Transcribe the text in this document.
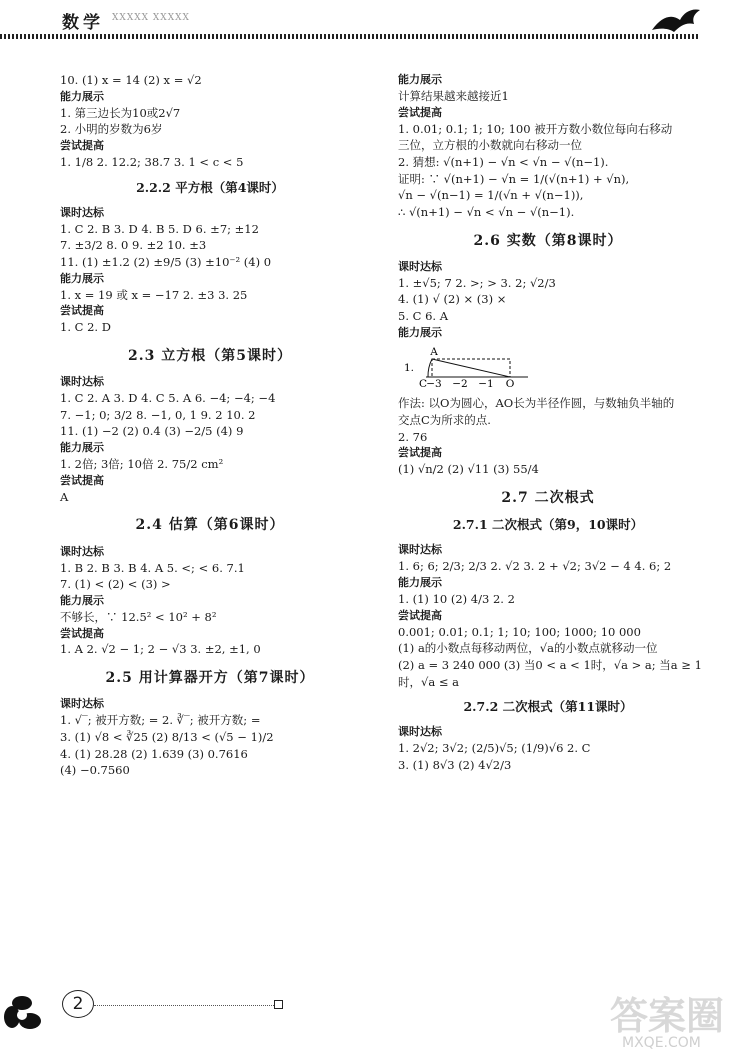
数学 XXXXX XXXXX
10. (1) x = 14 (2) x = √2
能力展示
1. 第三边长为10或2√7
2. 小明的岁数为6岁
尝试提高
1. 1/8 2. 12.2; 38.7 3. 1 < c < 5
2.2.2 平方根（第4课时）
课时达标
1. C 2. B 3. D 4. B 5. D 6. ±7; ±12
7. ±3/2 8. 0 9. ±2 10. ±3
11. (1) ±1.2 (2) ±9/5 (3) ±10⁻² (4) 0
能力展示
1. x = 19 或 x = −17 2. ±3 3. 25
尝试提高
1. C 2. D
2.3 立方根（第5课时）
课时达标
1. C 2. A 3. D 4. C 5. A 6. −4; −4; −4
7. −1; 0; 3/2 8. −1, 0, 1 9. 2 10. 2
11. (1) −2 (2) 0.4 (3) −2/5 (4) 9
能力展示
1. 2倍; 3倍; 10倍 2. 75/2 cm²
尝试提高
A
2.4 估算（第6课时）
课时达标
1. B 2. B 3. B 4. A 5. <; < 6. 7.1
7. (1) < (2) < (3) >
能力展示
不够长，∵ 12.5² < 10² + 8²
尝试提高
1. A 2. √2 − 1; 2 − √3 3. ±2, ±1, 0
2.5 用计算器开方（第7课时）
课时达标
1. √‾; 被开方数; = 2. ∛‾; 被开方数; =
3. (1) √8 < ∛25 (2) 8/13 < (√5 − 1)/2
4. (1) 28.28 (2) 1.639 (3) 0.7616
(4) −0.7560
能力展示
计算结果越来越接近1
尝试提高
1. 0.01; 0.1; 1; 10; 100 被开方数小数位每向右移动
三位，立方根的小数就向右移动一位
2. 猜想: √(n+1) − √n < √n − √(n−1).
证明: ∵ √(n+1) − √n = 1/(√(n+1) + √n),
√n − √(n−1) = 1/(√n + √(n−1)),
∴ √(n+1) − √n < √n − √(n−1).
2.6 实数（第8课时）
课时达标
1. ±√5; 7 2. >; > 3. 2; √2/3
4. (1) √ (2) × (3) ×
5. C 6. A
能力展示
1.
A
C −3 −2 −1 O
作法: 以O为圆心，AO长为半径作圆，与数轴负半轴的
交点C为所求的点.
2. 76
尝试提高
(1) √n/2 (2) √11 (3) 55/4
2.7 二次根式
2.7.1 二次根式（第9，10课时）
课时达标
1. 6; 6; 2/3; 2/3 2. √2 3. 2 + √2; 3√2 − 4 4. 6; 2
能力展示
1. (1) 10 (2) 4/3 2. 2
尝试提高
0.001; 0.01; 0.1; 1; 10; 100; 1000; 10 000
(1) a的小数点每移动两位，√a的小数点就移动一位
(2) a = 3 240 000 (3) 当0 < a < 1时，√a > a; 当a ≥ 1
时，√a ≤ a
2.7.2 二次根式（第11课时）
课时达标
1. 2√2; 3√2; (2/5)√5; (1/9)√6 2. C
3. (1) 8√3 (2) 4√2/3
2	答案圈
MXQE.COM
